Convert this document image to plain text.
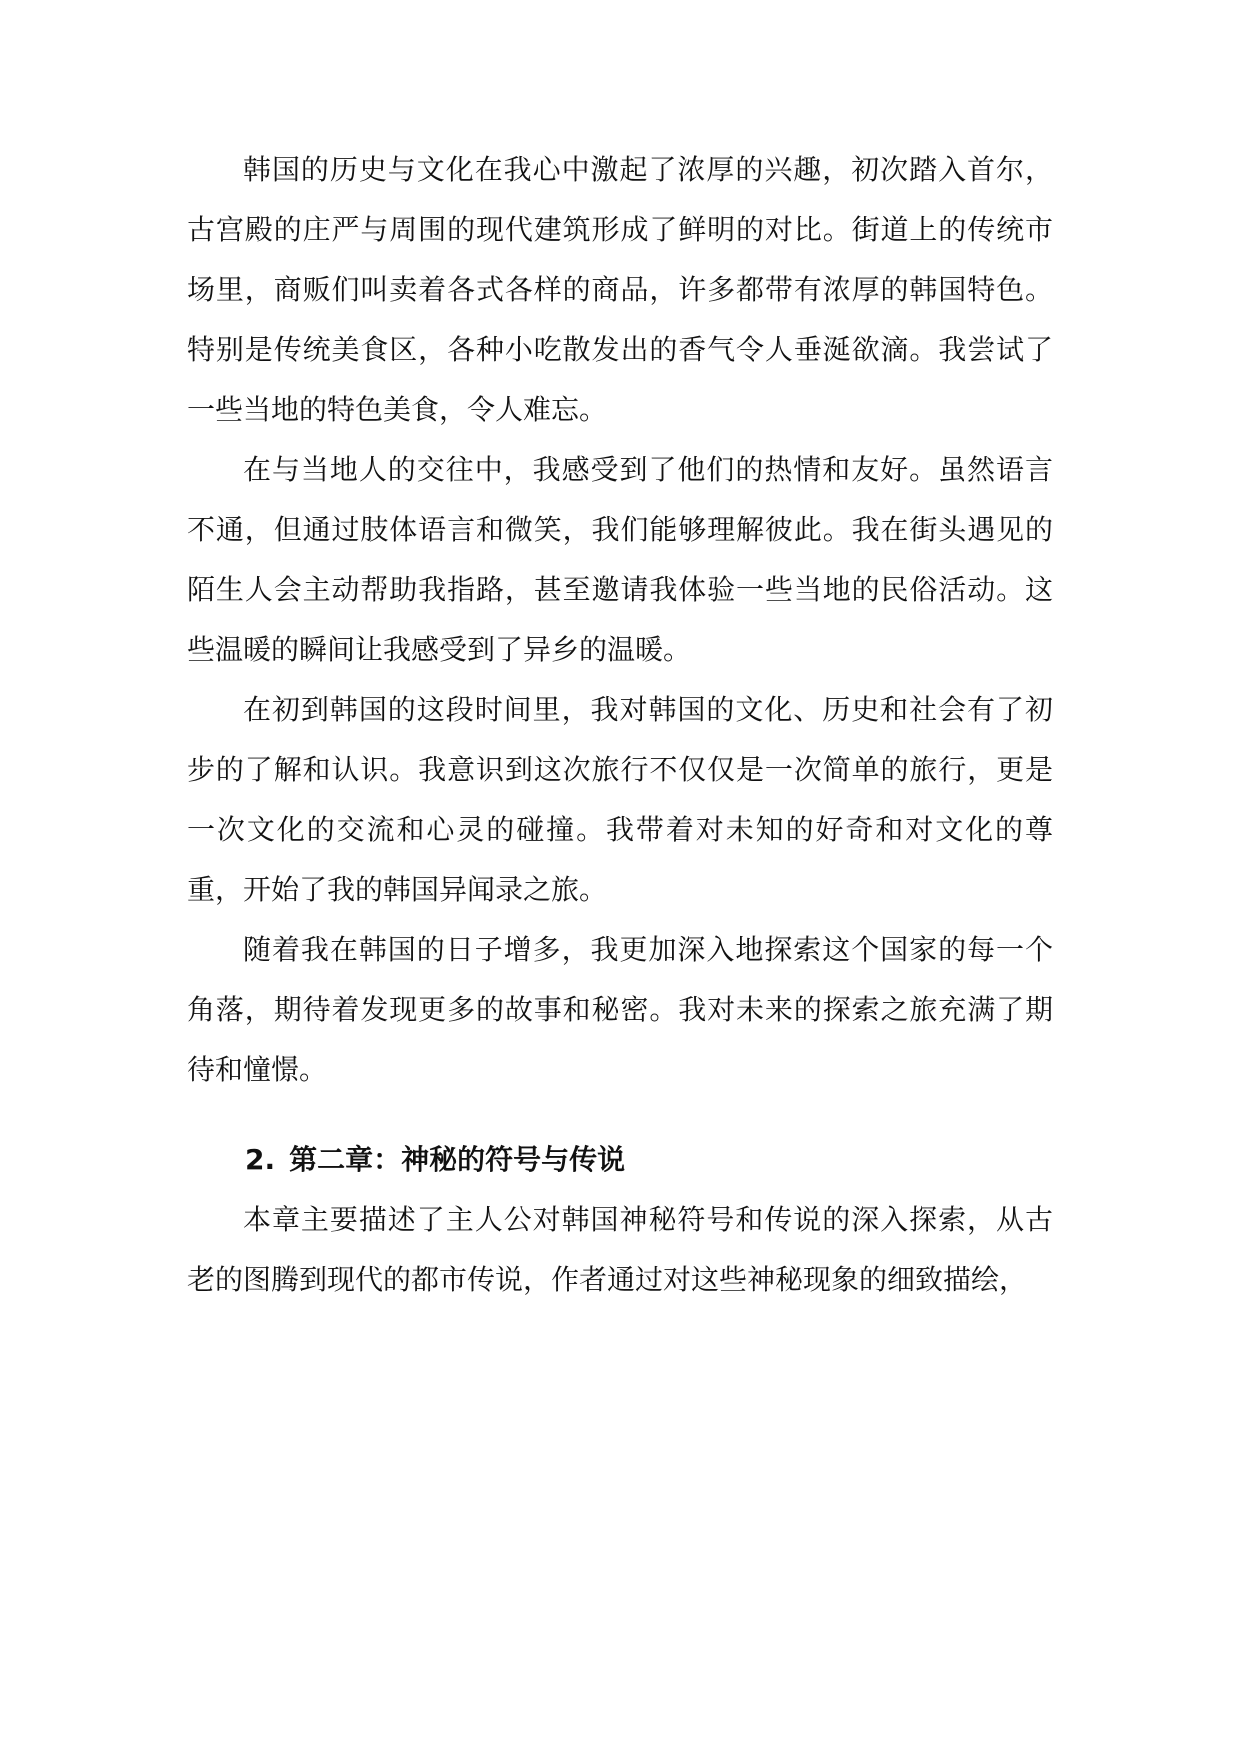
韩国的历史与文化在我心中激起了浓厚的兴趣，初次踏入首尔，古宫殿的庄严与周围的现代建筑形成了鲜明的对比。街道上的传统市场里，商贩们叫卖着各式各样的商品，许多都带有浓厚的韩国特色。特别是传统美食区，各种小吃散发出的香气令人垂涎欲滴。我尝试了一些当地的特色美食，令人难忘。

在与当地人的交往中，我感受到了他们的热情和友好。虽然语言不通，但通过肢体语言和微笑，我们能够理解彼此。我在街头遇见的陌生人会主动帮助我指路，甚至邀请我体验一些当地的民俗活动。这些温暖的瞬间让我感受到了异乡的温暖。

在初到韩国的这段时间里，我对韩国的文化、历史和社会有了初步的了解和认识。我意识到这次旅行不仅仅是一次简单的旅行，更是一次文化的交流和心灵的碰撞。我带着对未知的好奇和对文化的尊重，开始了我的韩国异闻录之旅。

随着我在韩国的日子增多，我更加深入地探索这个国家的每一个角落，期待着发现更多的故事和秘密。我对未来的探索之旅充满了期待和憧憬。

2. 第二章：神秘的符号与传说

本章主要描述了主人公对韩国神秘符号和传说的深入探索，从古老的图腾到现代的都市传说，作者通过对这些神秘现象的细致描绘，
